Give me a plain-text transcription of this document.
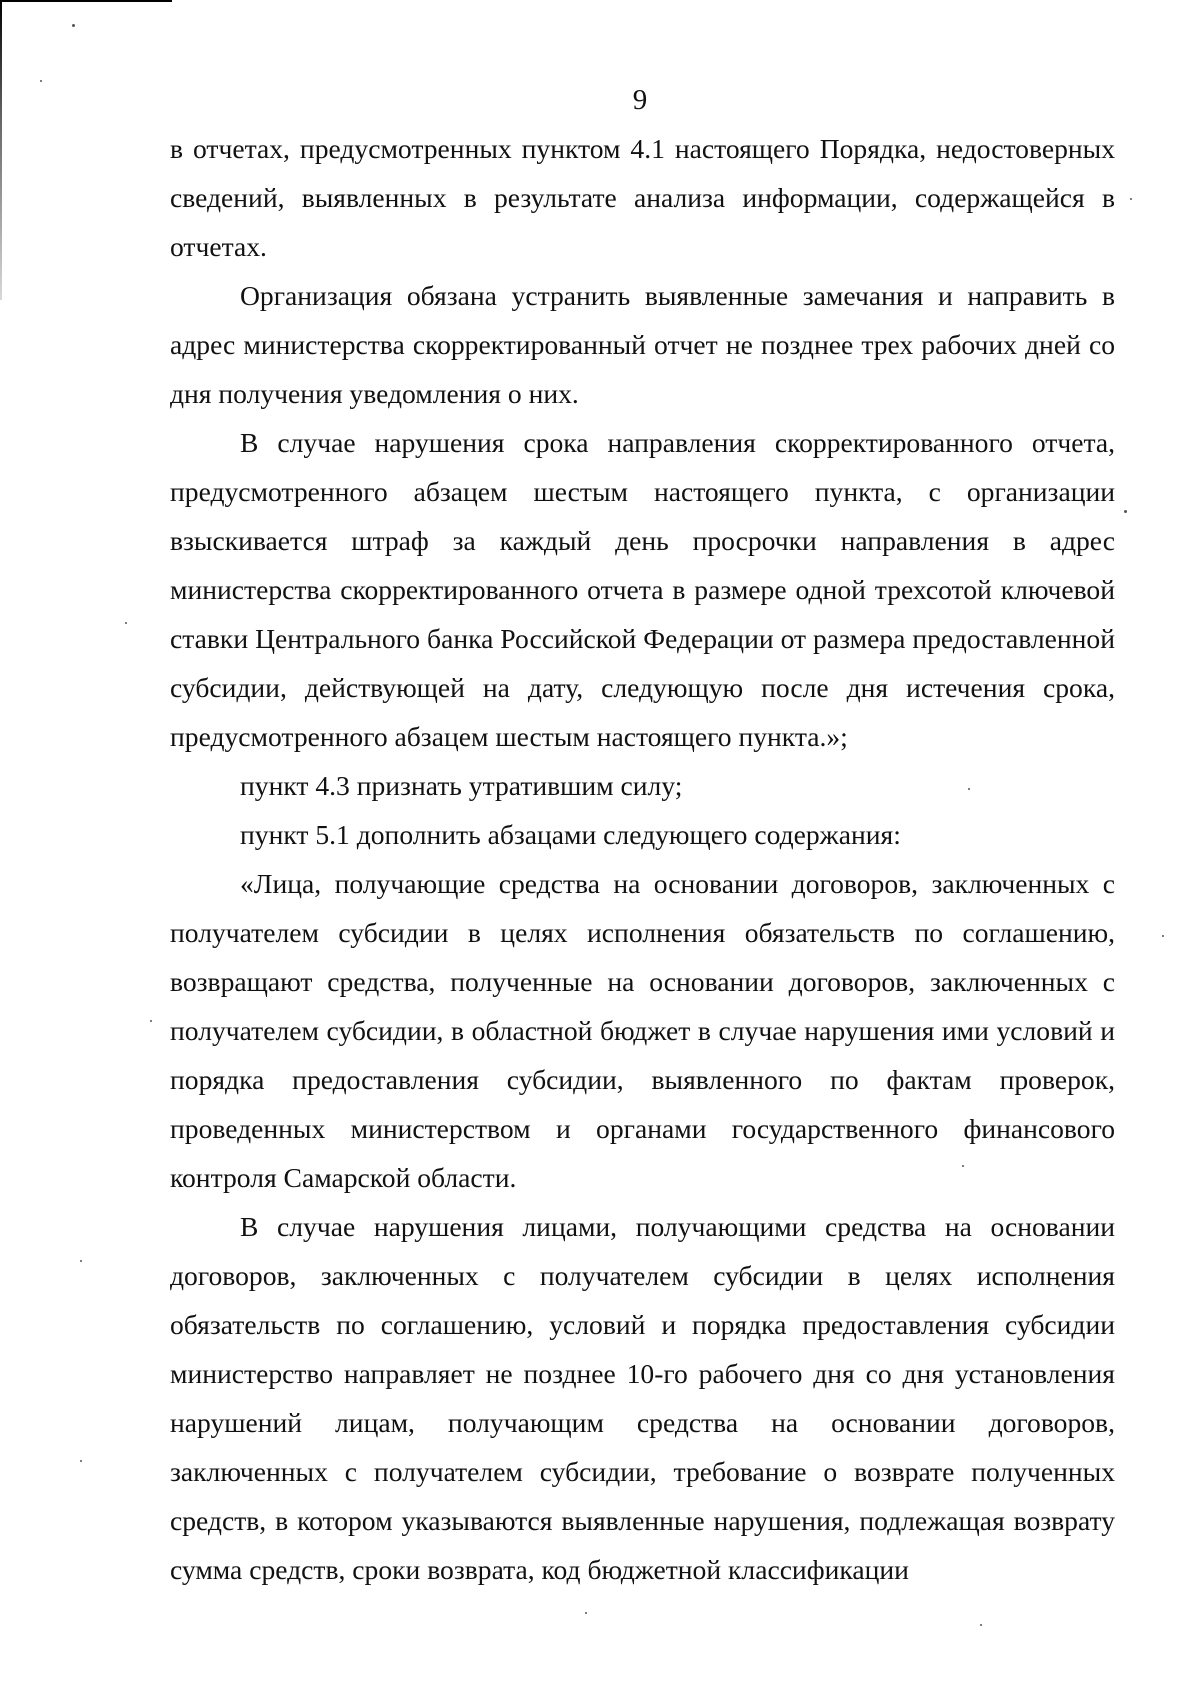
9

в отчетах, предусмотренных пунктом 4.1 настоящего Порядка, недостоверных сведений, выявленных в результате анализа информации, содержащейся в отчетах.

Организация обязана устранить выявленные замечания и направить в адрес министерства скорректированный отчет не позднее трех рабочих дней со дня получения уведомления о них.

В случае нарушения срока направления скорректированного отчета, предусмотренного абзацем шестым настоящего пункта, с организации взыскивается штраф за каждый день просрочки направления в адрес министерства скорректированного отчета в размере одной трехсотой ключевой ставки Центрального банка Российской Федерации от размера предоставленной субсидии, действующей на дату, следующую после дня истечения срока, предусмотренного абзацем шестым настоящего пункта.»;

пункт 4.3 признать утратившим силу;

пункт 5.1 дополнить абзацами следующего содержания:

«Лица, получающие средства на основании договоров, заключенных с получателем субсидии в целях исполнения обязательств по соглашению, возвращают средства, полученные на основании договоров, заключенных с получателем субсидии, в областной бюджет в случае нарушения ими условий и порядка предоставления субсидии, выявленного по фактам проверок, проведенных министерством и органами государственного финансового контроля Самарской области.

В случае нарушения лицами, получающими средства на основании договоров, заключенных с получателем субсидии в целях исполнения обязательств по соглашению, условий и порядка предоставления субсидии министерство направляет не позднее 10-го рабочего дня со дня установления нарушений лицам, получающим средства на основании договоров, заключенных с получателем субсидии, требование о возврате полученных средств, в котором указываются выявленные нарушения, подлежащая возврату сумма средств, сроки возврата, код бюджетной классификации
